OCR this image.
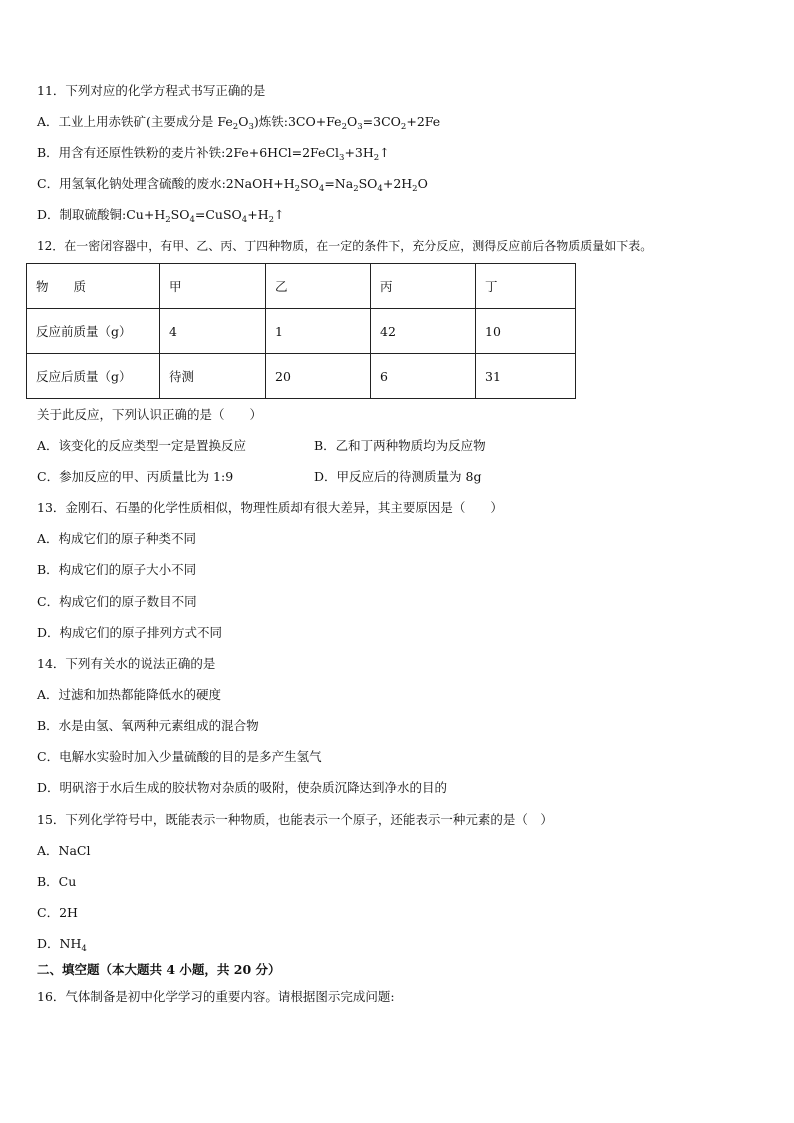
11．下列对应的化学方程式书写正确的是
A．工业上用赤铁矿(主要成分是 $Fe_2O_3$)炼铁$:3CO+Fe_2O_3=3CO_2+2Fe$
B．用含有还原性铁粉的麦片补铁$:2Fe+6HCl=2FeCl_3+3H_2↑$
C．用氢氧化钠处理含硫酸的废水$:2NaOH+H_2SO_4=Na_2SO_4+2H_2O$
D．制取硫酸铜$:Cu+H_2SO_4=CuSO_4+H_2↑$
12．在一密闭容器中，有甲、乙、丙、丁四种物质，在一定的条件下，充分反应，测得反应前后各物质质量如下表。
物　　质	甲	乙	丙	丁
反应前质量（g）	4	1	42	10
反应后质量（g）	待测	20	6	31
关于此反应，下列认识正确的是（　　）
A．该变化的反应类型一定是置换反应	B．乙和丁两种物质均为反应物
C．参加反应的甲、丙质量比为 1:9	D．甲反应后的待测质量为 8g
13．金刚石、石墨的化学性质相似，物理性质却有很大差异，其主要原因是（　　）
A．构成它们的原子种类不同
B．构成它们的原子大小不同
C．构成它们的原子数目不同
D．构成它们的原子排列方式不同
14．下列有关水的说法正确的是
A．过滤和加热都能降低水的硬度
B．水是由氢、氧两种元素组成的混合物
C．电解水实验时加入少量硫酸的目的是多产生氢气
D．明矾溶于水后生成的胶状物对杂质的吸附，使杂质沉降达到净水的目的
15．下列化学符号中，既能表示一种物质，也能表示一个原子，还能表示一种元素的是（　）
A．NaCl
B．Cu
C．2H
D．$NH_4$
二、填空题（本大题共 4 小题，共 20 分）
16．气体制备是初中化学学习的重要内容。请根据图示完成问题:
